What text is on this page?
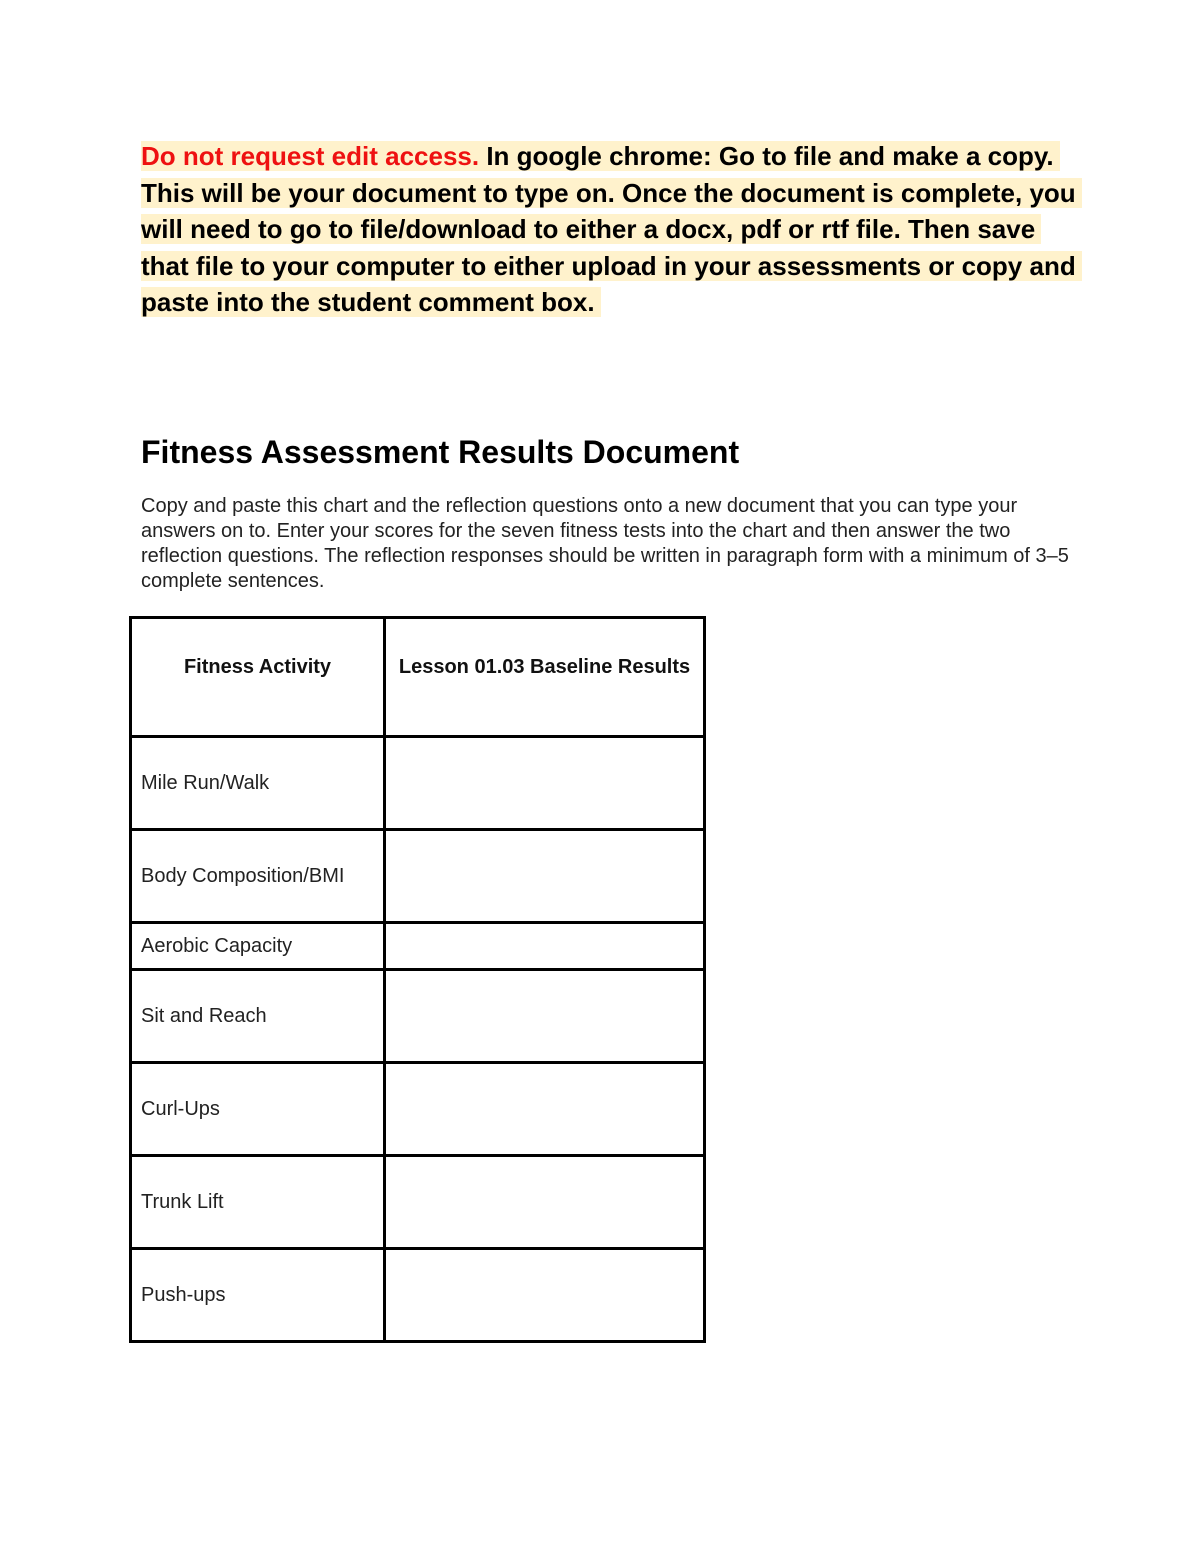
Do not request edit access. In google chrome: Go to file and make a copy. This will be your document to type on. Once the document is complete, you will need to go to file/download to either a docx, pdf or rtf file. Then save that file to your computer to either upload in your assessments or copy and paste into the student comment box.

Fitness Assessment Results Document

Copy and paste this chart and the reflection questions onto a new document that you can type your answers on to. Enter your scores for the seven fitness tests into the chart and then answer the two reflection questions. The reflection responses should be written in paragraph form with a minimum of 3–5 complete sentences.

Fitness Activity	Lesson 01.03 Baseline Results
Mile Run/Walk	
Body Composition/BMI	
Aerobic Capacity	
Sit and Reach	
Curl-Ups	
Trunk Lift	
Push-ups	
